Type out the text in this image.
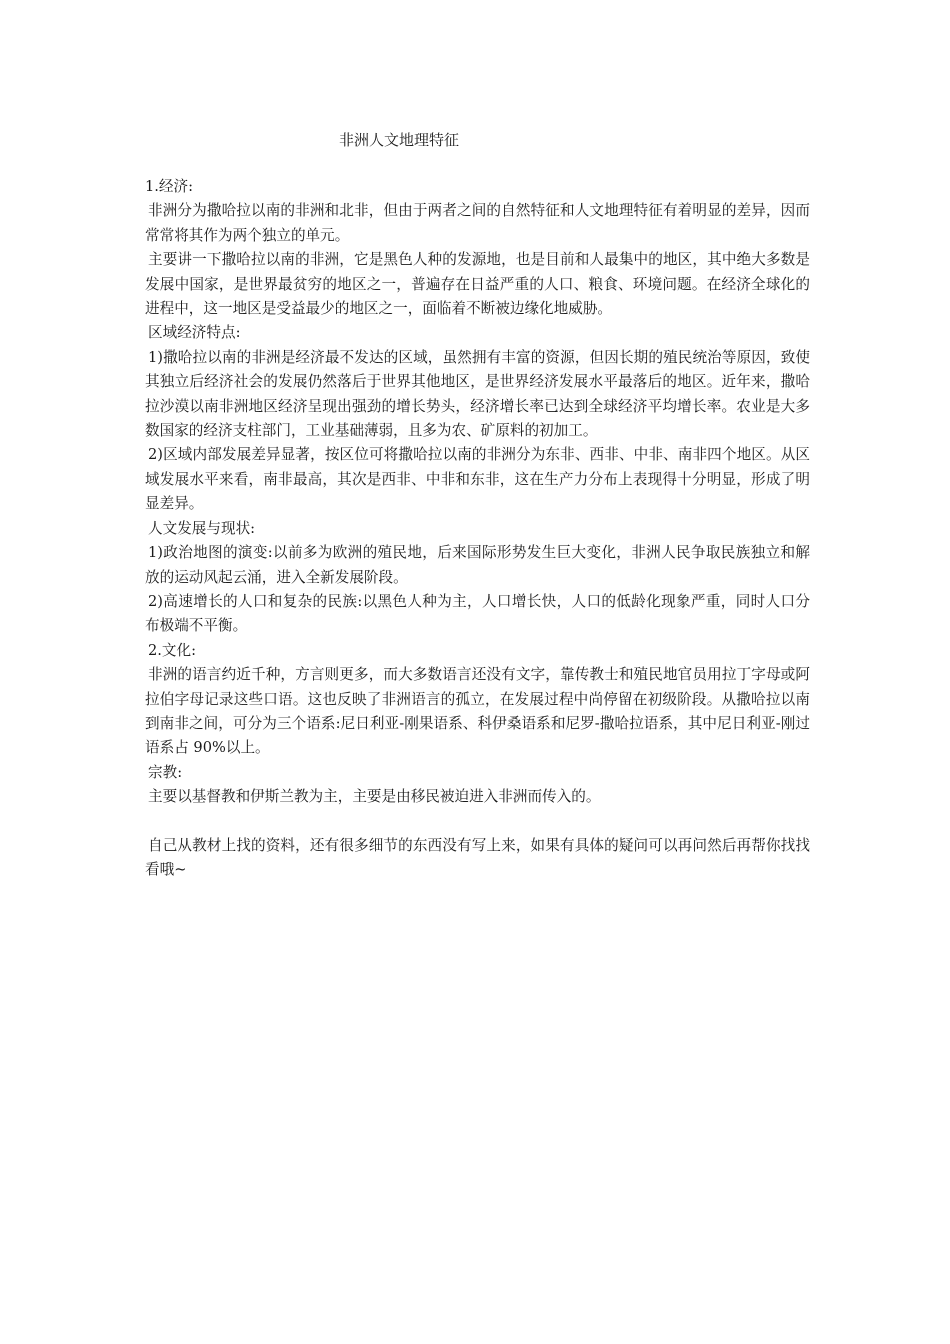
非洲人文地理特征

1.经济:

非洲分为撒哈拉以南的非洲和北非，但由于两者之间的自然特征和人文地理特征有着明显的差异，因而常常将其作为两个独立的单元。

主要讲一下撒哈拉以南的非洲，它是黑色人种的发源地，也是目前和人最集中的地区，其中绝大多数是发展中国家，是世界最贫穷的地区之一，普遍存在日益严重的人口、粮食、环境问题。在经济全球化的进程中，这一地区是受益最少的地区之一，面临着不断被边缘化地威胁。

区域经济特点:

1)撒哈拉以南的非洲是经济最不发达的区域，虽然拥有丰富的资源，但因长期的殖民统治等原因，致使其独立后经济社会的发展仍然落后于世界其他地区，是世界经济发展水平最落后的地区。近年来，撒哈拉沙漠以南非洲地区经济呈现出强劲的增长势头，经济增长率已达到全球经济平均增长率。农业是大多数国家的经济支柱部门，工业基础薄弱，且多为农、矿原料的初加工。

2)区域内部发展差异显著，按区位可将撒哈拉以南的非洲分为东非、西非、中非、南非四个地区。从区域发展水平来看，南非最高，其次是西非、中非和东非，这在生产力分布上表现得十分明显，形成了明显差异。

人文发展与现状:

1)政治地图的演变:以前多为欧洲的殖民地，后来国际形势发生巨大变化，非洲人民争取民族独立和解放的运动风起云涌，进入全新发展阶段。

2)高速增长的人口和复杂的民族:以黑色人种为主，人口增长快，人口的低龄化现象严重，同时人口分布极端不平衡。

2.文化:

非洲的语言约近千种，方言则更多，而大多数语言还没有文字，靠传教士和殖民地官员用拉丁字母或阿拉伯字母记录这些口语。这也反映了非洲语言的孤立，在发展过程中尚停留在初级阶段。从撒哈拉以南到南非之间，可分为三个语系:尼日利亚-刚果语系、科伊桑语系和尼罗-撒哈拉语系，其中尼日利亚-刚过语系占 90%以上。

宗教:

主要以基督教和伊斯兰教为主，主要是由移民被迫进入非洲而传入的。

自己从教材上找的资料，还有很多细节的东西没有写上来，如果有具体的疑问可以再问然后再帮你找找看哦~
